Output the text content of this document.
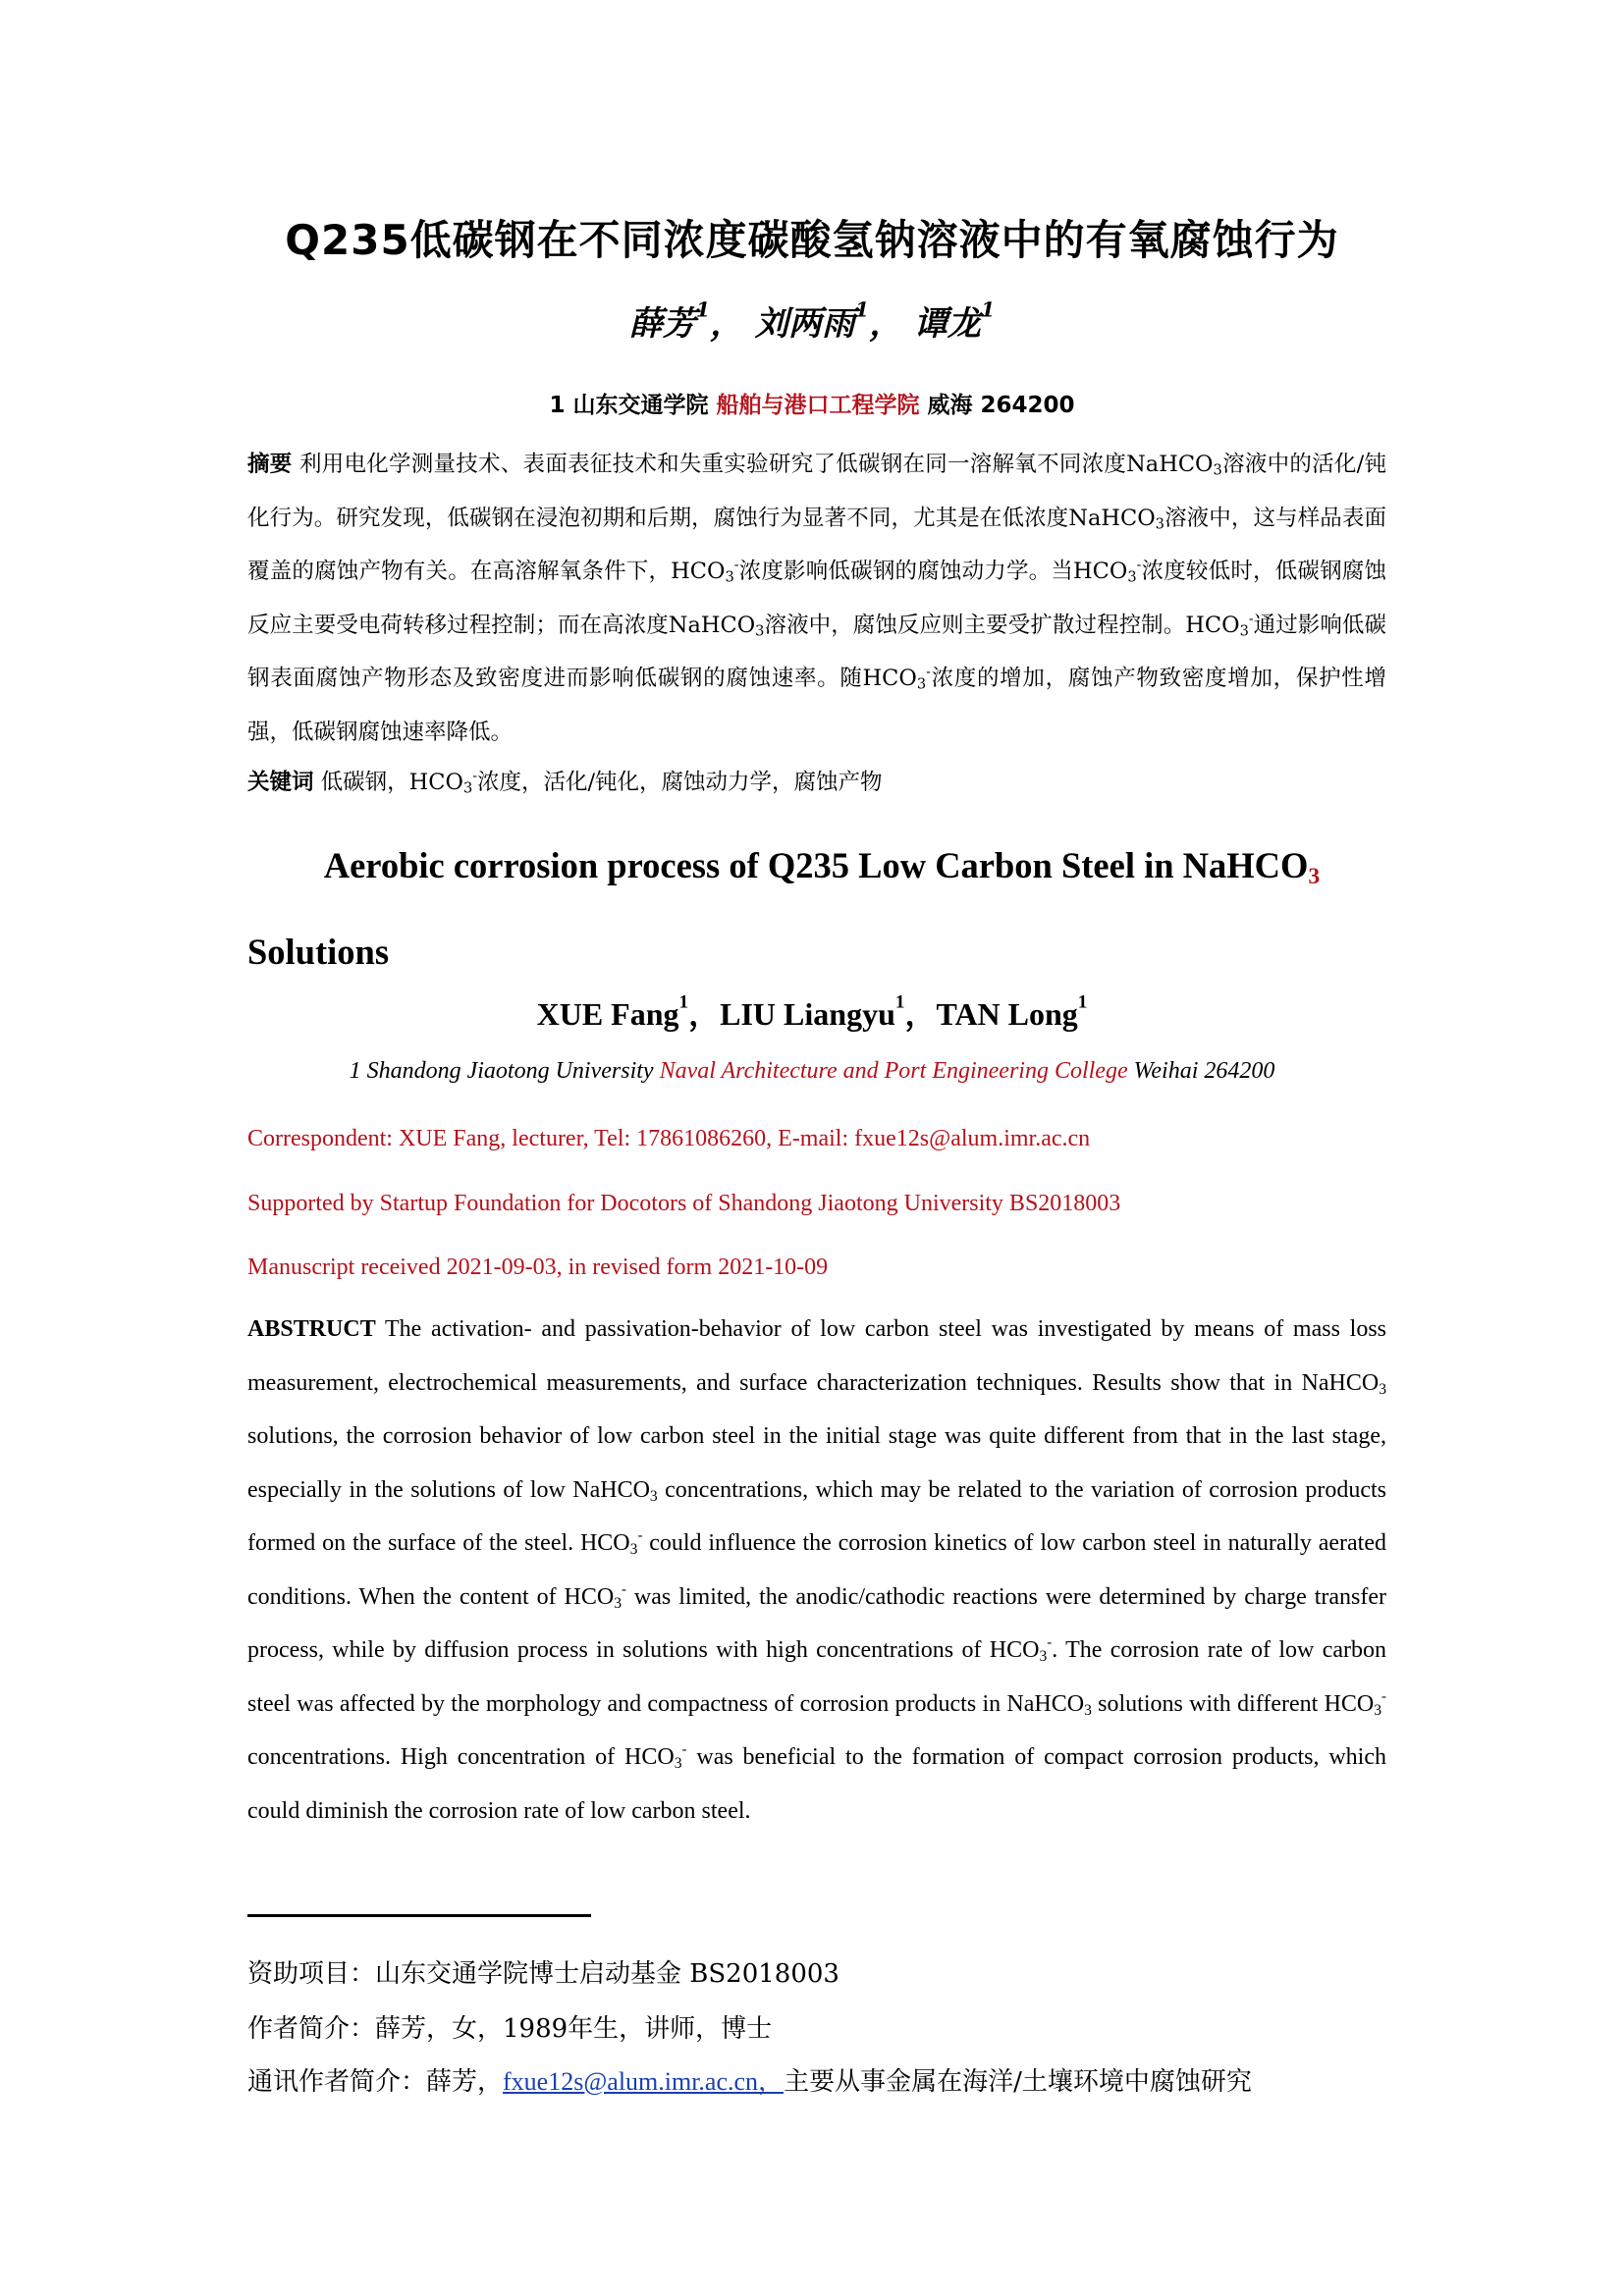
Q235低碳钢在不同浓度碳酸氢钠溶液中的有氧腐蚀行为
薛芳$^1$， 刘两雨$^1$， 谭龙$^1$
1 山东交通学院 船舶与港口工程学院 威海 264200
摘要 利用电化学测量技术、表面表征技术和失重实验研究了低碳钢在同一溶解氧不同浓度NaHCO$_3$溶液中的活化/钝化行为。研究发现，低碳钢在浸泡初期和后期，腐蚀行为显著不同，尤其是在低浓度NaHCO$_3$溶液中，这与样品表面覆盖的腐蚀产物有关。在高溶解氧条件下，$HCO_3^-$浓度影响低碳钢的腐蚀动力学。当$HCO_3^-$浓度较低时，低碳钢腐蚀反应主要受电荷转移过程控制；而在高浓度NaHCO$_3$溶液中，腐蚀反应则主要受扩散过程控制。$HCO_3^-$通过影响低碳钢表面腐蚀产物形态及致密度进而影响低碳钢的腐蚀速率。随$HCO_3^-$浓度的增加，腐蚀产物致密度增加，保护性增强，低碳钢腐蚀速率降低。
关键词 低碳钢，$HCO_3^-$浓度，活化/钝化，腐蚀动力学，腐蚀产物
Aerobic corrosion process of Q235 Low Carbon Steel in NaHCO$_3$
Solutions
XUE Fang$^1$，LIU Liangyu$^1$，TAN Long$^1$
1 Shandong Jiaotong University Naval Architecture and Port Engineering College Weihai 264200
Correspondent: XUE Fang, lecturer, Tel: 17861086260, E-mail: fxue12s@alum.imr.ac.cn
Supported by Startup Foundation for Docotors of Shandong Jiaotong University BS2018003
Manuscript received 2021-09-03, in revised form 2021-10-09
ABSTRUCT The activation- and passivation-behavior of low carbon steel was investigated by means of mass loss measurement, electrochemical measurements, and surface characterization techniques. Results show that in NaHCO$_3$ solutions, the corrosion behavior of low carbon steel in the initial stage was quite different from that in the last stage, especially in the solutions of low NaHCO$_3$ concentrations, which may be related to the variation of corrosion products formed on the surface of the steel. $HCO_3^-$ could influence the corrosion kinetics of low carbon steel in naturally aerated conditions. When the content of $HCO_3^-$ was limited, the anodic/cathodic reactions were determined by charge transfer process, while by diffusion process in solutions with high concentrations of $HCO_3^-$. The corrosion rate of low carbon steel was affected by the morphology and compactness of corrosion products in NaHCO$_3$ solutions with different $HCO_3^-$ concentrations. High concentration of $HCO_3^-$ was beneficial to the formation of compact corrosion products, which could diminish the corrosion rate of low carbon steel.
资助项目：山东交通学院博士启动基金 BS2018003
作者简介：薛芳，女，1989年生，讲师，博士
通讯作者简介：薛芳，fxue12s@alum.imr.ac.cn，主要从事金属在海洋/土壤环境中腐蚀研究
